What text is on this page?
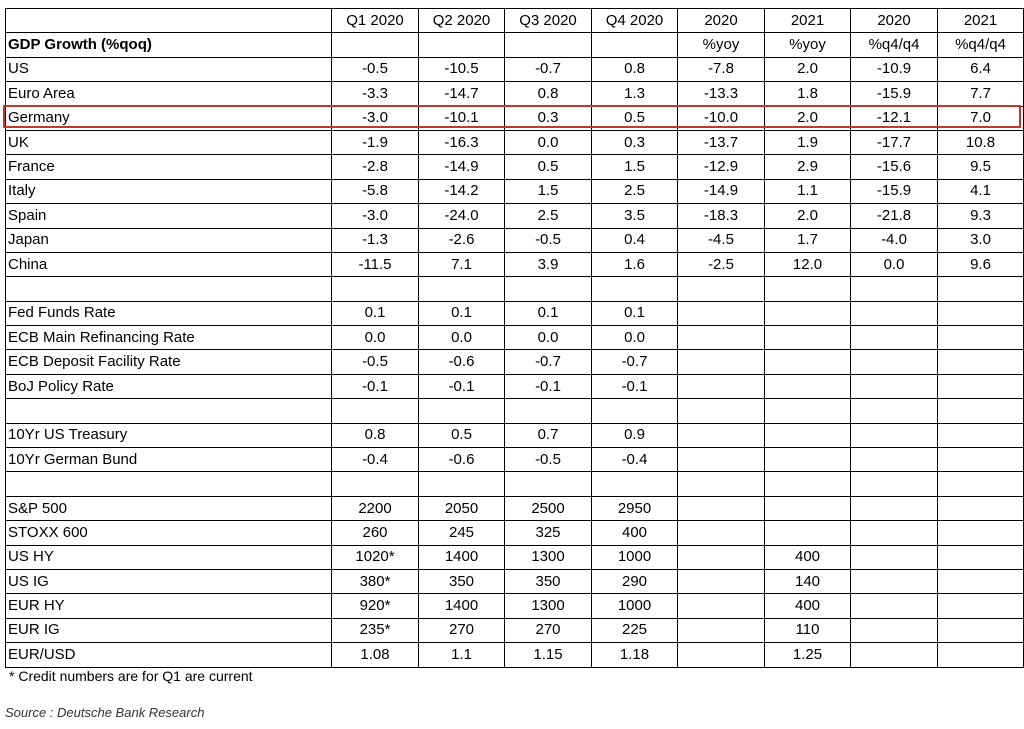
	Q1 2020	Q2 2020	Q3 2020	Q4 2020	2020	2021	2020	2021
GDP Growth (%qoq)					%yoy	%yoy	%q4/q4	%q4/q4
US	-0.5	-10.5	-0.7	0.8	-7.8	2.0	-10.9	6.4
Euro Area	-3.3	-14.7	0.8	1.3	-13.3	1.8	-15.9	7.7
Germany	-3.0	-10.1	0.3	0.5	-10.0	2.0	-12.1	7.0
UK	-1.9	-16.3	0.0	0.3	-13.7	1.9	-17.7	10.8
France	-2.8	-14.9	0.5	1.5	-12.9	2.9	-15.6	9.5
Italy	-5.8	-14.2	1.5	2.5	-14.9	1.1	-15.9	4.1
Spain	-3.0	-24.0	2.5	3.5	-18.3	2.0	-21.8	9.3
Japan	-1.3	-2.6	-0.5	0.4	-4.5	1.7	-4.0	3.0
China	-11.5	7.1	3.9	1.6	-2.5	12.0	0.0	9.6

Fed Funds Rate	0.1	0.1	0.1	0.1				
ECB Main Refinancing Rate	0.0	0.0	0.0	0.0				
ECB Deposit Facility Rate	-0.5	-0.6	-0.7	-0.7				
BoJ Policy Rate	-0.1	-0.1	-0.1	-0.1				

10Yr US Treasury	0.8	0.5	0.7	0.9				
10Yr German Bund	-0.4	-0.6	-0.5	-0.4				

S&P 500	2200	2050	2500	2950				
STOXX 600	260	245	325	400				
US HY	1020*	1400	1300	1000		400		
US IG	380*	350	350	290		140		
EUR HY	920*	1400	1300	1000		400		
EUR IG	235*	270	270	225		110		
EUR/USD	1.08	1.1	1.15	1.18		1.25		
* Credit numbers are for Q1 are current
Source : Deutsche Bank Research
